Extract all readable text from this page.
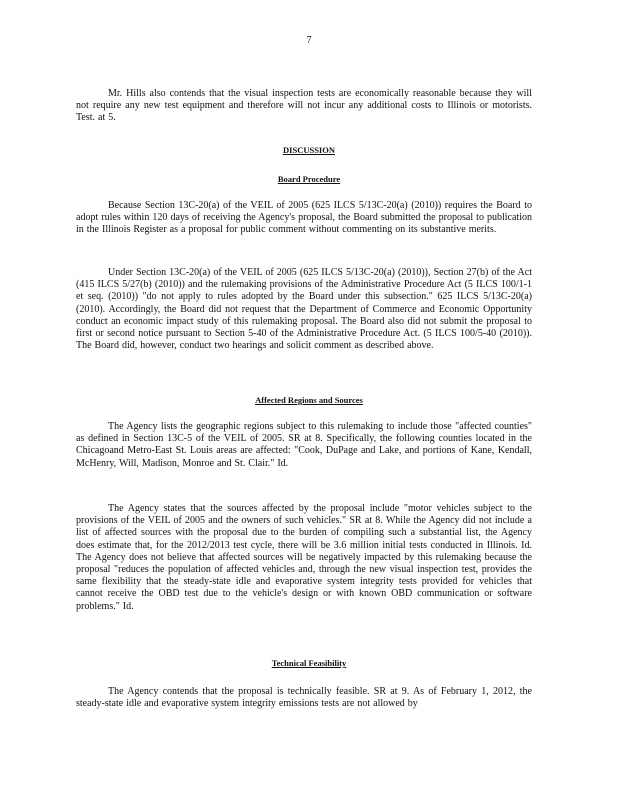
7
Mr. Hills also contends that the visual inspection tests are economically reasonable because they will not require any new test equipment and therefore will not incur any additional costs to Illinois or motorists. Test. at 5.
DISCUSSION
Board Procedure
Because Section 13C-20(a) of the VEIL of 2005 (625 ILCS 5/13C-20(a) (2010)) requires the Board to adopt rules within 120 days of receiving the Agency's proposal, the Board submitted the proposal to publication in the Illinois Register as a proposal for public comment without commenting on its substantive merits.
Under Section 13C-20(a) of the VEIL of 2005 (625 ILCS 5/13C-20(a) (2010)), Section 27(b) of the Act (415 ILCS 5/27(b) (2010)) and the rulemaking provisions of the Administrative Procedure Act (5 ILCS 100/1-1 et seq. (2010)) "do not apply to rules adopted by the Board under this subsection." 625 ILCS 5/13C-20(a) (2010). Accordingly, the Board did not request that the Department of Commerce and Economic Opportunity conduct an economic impact study of this rulemaking proposal. The Board also did not submit the proposal to first or second notice pursuant to Section 5-40 of the Administrative Procedure Act. (5 ILCS 100/5-40 (2010)). The Board did, however, conduct two hearings and solicit comment as described above.
Affected Regions and Sources
The Agency lists the geographic regions subject to this rulemaking to include those "affected counties" as defined in Section 13C-5 of the VEIL of 2005. SR at 8. Specifically, the following counties located in the Chicagoand Metro-East St. Louis areas are affected: "Cook, DuPage and Lake, and portions of Kane, Kendall, McHenry, Will, Madison, Monroe and St. Clair." Id.
The Agency states that the sources affected by the proposal include "motor vehicles subject to the provisions of the VEIL of 2005 and the owners of such vehicles." SR at 8. While the Agency did not include a list of affected sources with the proposal due to the burden of compiling such a substantial list, the Agency does estimate that, for the 2012/2013 test cycle, there will be 3.6 million initial tests conducted in Illinois. Id. The Agency does not believe that affected sources will be negatively impacted by this rulemaking because the proposal "reduces the population of affected vehicles and, through the new visual inspection test, provides the same flexibility that the steady-state idle and evaporative system integrity tests provided for vehicles that cannot receive the OBD test due to the vehicle's design or with known OBD communication or software problems." Id.
Technical Feasibility
The Agency contends that the proposal is technically feasible. SR at 9. As of February 1, 2012, the steady-state idle and evaporative system integrity emissions tests are not allowed by
